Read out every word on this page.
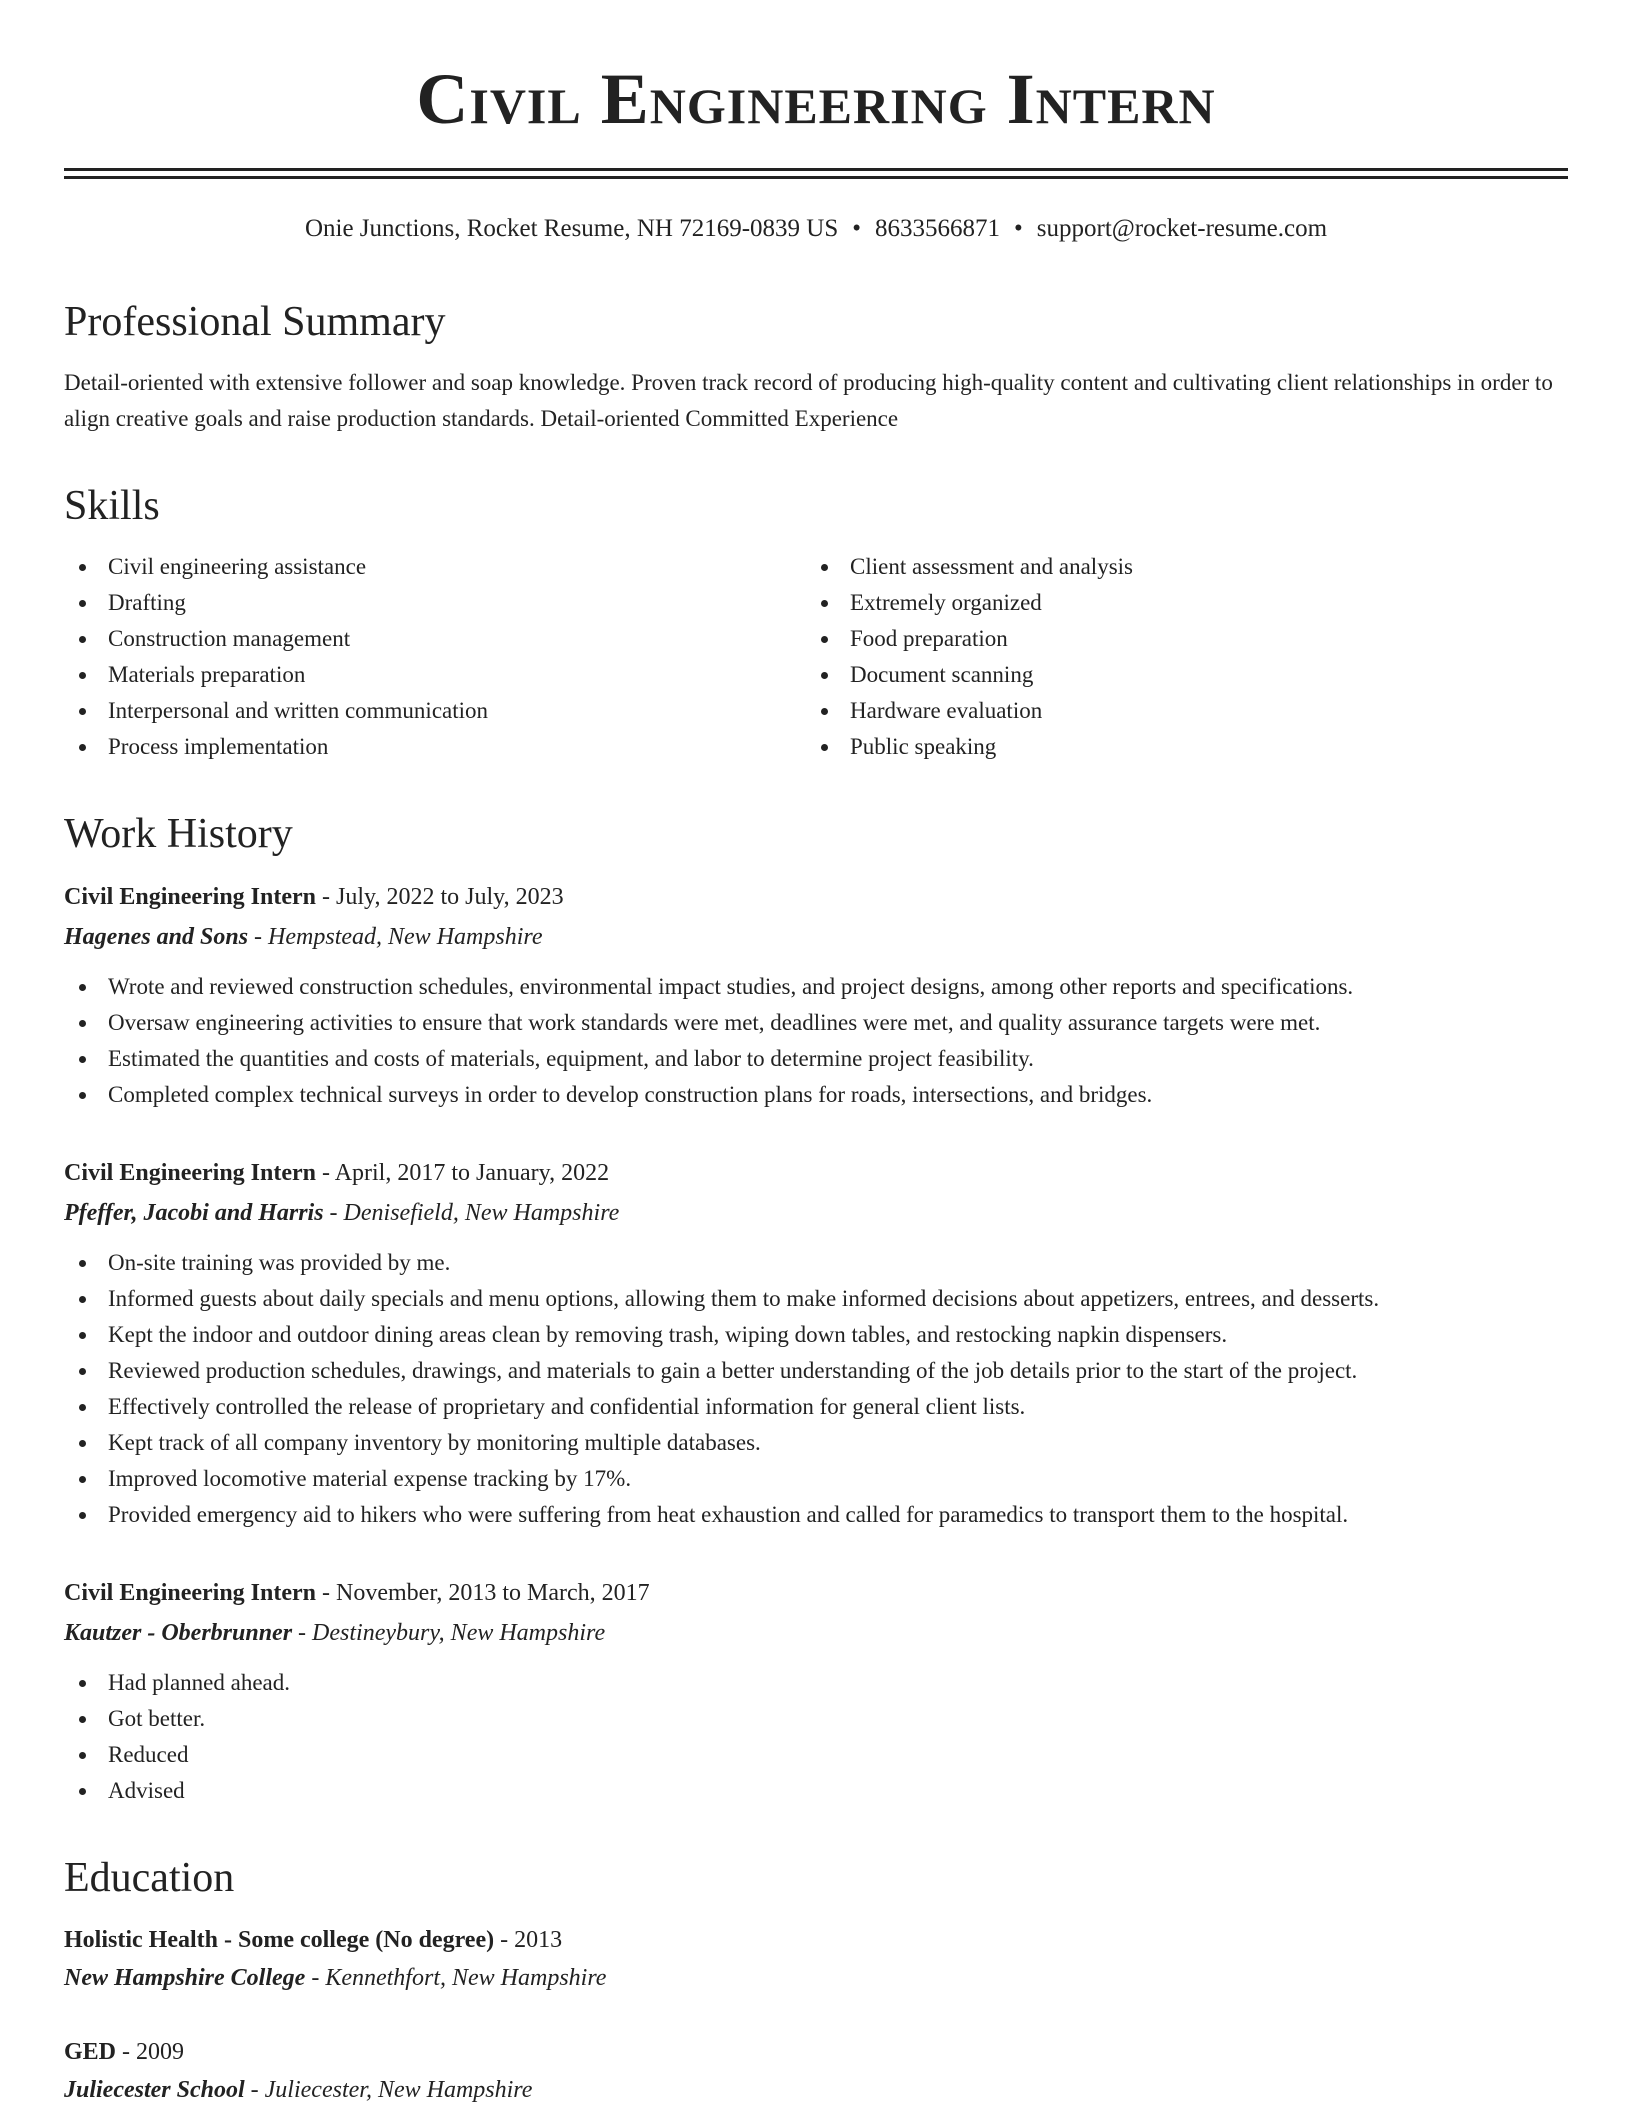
Civil Engineering Intern
Onie Junctions, Rocket Resume, NH 72169-0839 US • 8633566871 • support@rocket-resume.com
Professional Summary

Detail-oriented with extensive follower and soap knowledge. Proven track record of producing high-quality content and cultivating client relationships in order to align creative goals and raise production standards. Detail-oriented Committed Experience

Skills
Civil engineering assistance
Drafting
Construction management
Materials preparation
Interpersonal and written communication
Process implementation
Client assessment and analysis
Extremely organized
Food preparation
Document scanning
Hardware evaluation
Public speaking
Work History
Civil Engineering Intern - July, 2022 to July, 2023
Hagenes and Sons - Hempstead, New Hampshire
Wrote and reviewed construction schedules, environmental impact studies, and project designs, among other reports and specifications.
Oversaw engineering activities to ensure that work standards were met, deadlines were met, and quality assurance targets were met.
Estimated the quantities and costs of materials, equipment, and labor to determine project feasibility.
Completed complex technical surveys in order to develop construction plans for roads, intersections, and bridges.
Civil Engineering Intern - April, 2017 to January, 2022
Pfeffer, Jacobi and Harris - Denisefield, New Hampshire
On-site training was provided by me.
Informed guests about daily specials and menu options, allowing them to make informed decisions about appetizers, entrees, and desserts.
Kept the indoor and outdoor dining areas clean by removing trash, wiping down tables, and restocking napkin dispensers.
Reviewed production schedules, drawings, and materials to gain a better understanding of the job details prior to the start of the project.
Effectively controlled the release of proprietary and confidential information for general client lists.
Kept track of all company inventory by monitoring multiple databases.
Improved locomotive material expense tracking by 17%.
Provided emergency aid to hikers who were suffering from heat exhaustion and called for paramedics to transport them to the hospital.
Civil Engineering Intern - November, 2013 to March, 2017
Kautzer - Oberbrunner - Destineybury, New Hampshire
Had planned ahead.
Got better.
Reduced
Advised
Education
Holistic Health - Some college (No degree) - 2013
New Hampshire College - Kennethfort, New Hampshire
GED - 2009
Juliecester School - Juliecester, New Hampshire
